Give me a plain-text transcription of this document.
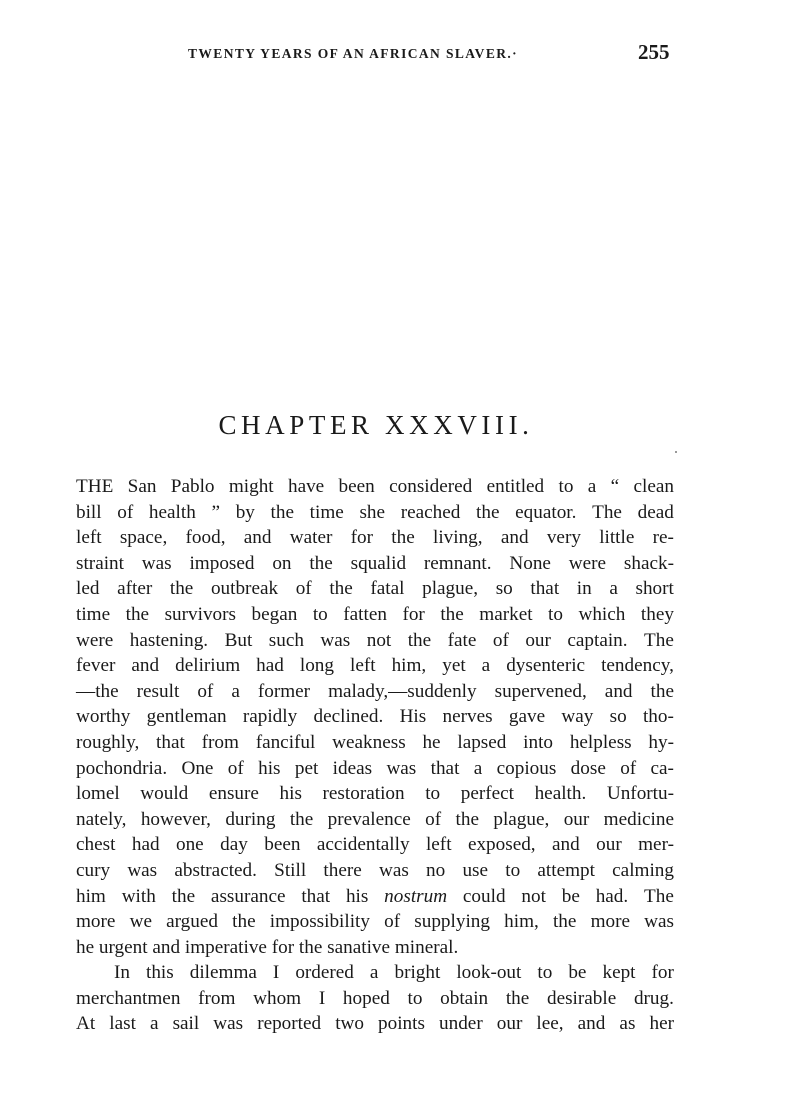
TWENTY YEARS OF AN AFRICAN SLAVER.·	255
CHAPTER XXXVIII.
THE San Pablo might have been considered entitled to a “ clean
bill of health ” by the time she reached the equator. The dead
left space, food, and water for the living, and very little re-
straint was imposed on the squalid remnant. None were shack-
led after the outbreak of the fatal plague, so that in a short
time the survivors began to fatten for the market to which they
were hastening. But such was not the fate of our captain. The
fever and delirium had long left him, yet a dysenteric tendency,
—the result of a former malady,—suddenly supervened, and the
worthy gentleman rapidly declined. His nerves gave way so tho-
roughly, that from fanciful weakness he lapsed into helpless hy-
pochondria. One of his pet ideas was that a copious dose of ca-
lomel would ensure his restoration to perfect health. Unfortu-
nately, however, during the prevalence of the plague, our medicine
chest had one day been accidentally left exposed, and our mer-
cury was abstracted. Still there was no use to attempt calming
him with the assurance that his nostrum could not be had. The
more we argued the impossibility of supplying him, the more was
he urgent and imperative for the sanative mineral.
In this dilemma I ordered a bright look-out to be kept for
merchantmen from whom I hoped to obtain the desirable drug.
At last a sail was reported two points under our lee, and as her
